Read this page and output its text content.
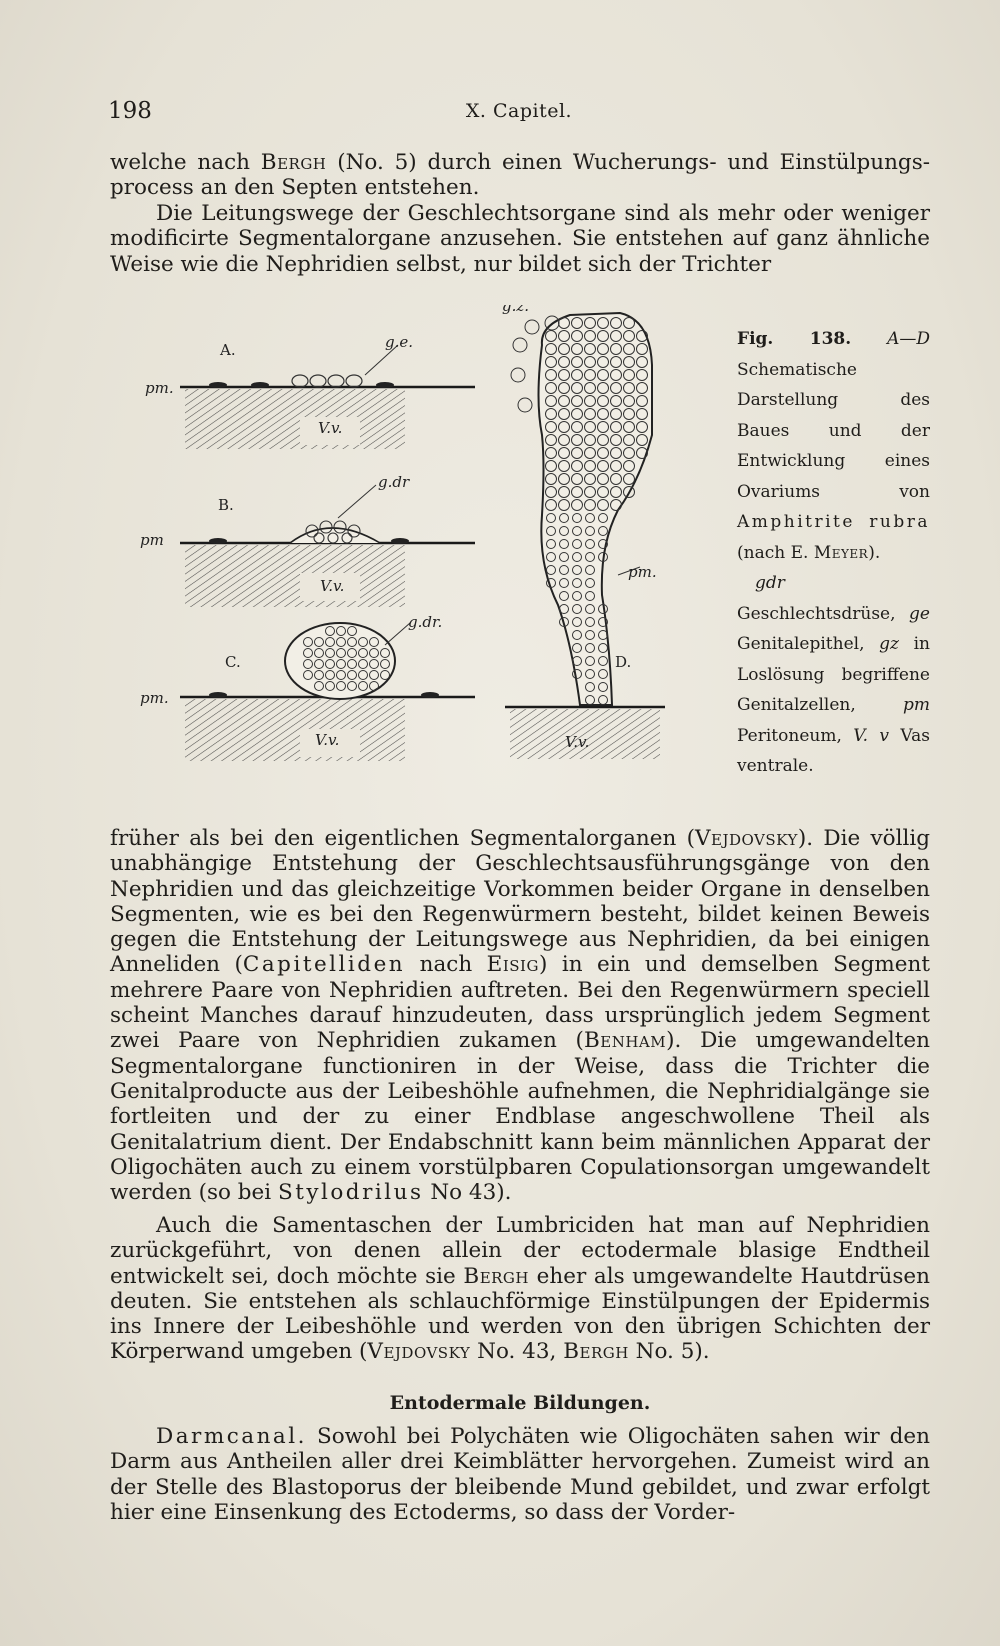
198	X. Capitel.

welche nach Bergh (No. 5) durch einen Wucherungs- und Einstülpungsprocess an den Septen entstehen.

Die Leitungswege der Geschlechtsorgane sind als mehr oder weniger modificirte Segmentalorgane anzusehen. Sie entstehen auf ganz ähnliche Weise wie die Nephridien selbst, nur bildet sich der Trichter

A.
pm.
g.e.
V.v.
B.
pm
g.dr
V.v.
C.
pm.
g.dr.
V.v.
g.z.
pm.
D.
V.v.

Fig. 138. A—D Schematische Darstellung des Baues und der Entwicklung eines Ovariums von Amphitrite rubra (nach E. Meyer).

gdr Geschlechtsdrüse, ge Genitalepithel, gz in Loslösung begriffene Genitalzellen, pm Peritoneum, V. v Vas ventrale.

früher als bei den eigentlichen Segmentalorganen (Vejdovsky). Die völlig unabhängige Entstehung der Geschlechtsausführungsgänge von den Nephridien und das gleichzeitige Vorkommen beider Organe in denselben Segmenten, wie es bei den Regenwürmern besteht, bildet keinen Beweis gegen die Entstehung der Leitungswege aus Nephridien, da bei einigen Anneliden (Capitelliden nach Eisig) in ein und demselben Segment mehrere Paare von Nephridien auftreten. Bei den Regenwürmern speciell scheint Manches darauf hinzudeuten, dass ursprünglich jedem Segment zwei Paare von Nephridien zukamen (Benham). Die umgewandelten Segmentalorgane functioniren in der Weise, dass die Trichter die Genitalproducte aus der Leibeshöhle aufnehmen, die Nephridialgänge sie fortleiten und der zu einer Endblase angeschwollene Theil als Genitalatrium dient. Der Endabschnitt kann beim männlichen Apparat der Oligochäten auch zu einem vorstülpbaren Copulationsorgan umgewandelt werden (so bei Stylodrilus No 43).

Auch die Samentaschen der Lumbriciden hat man auf Nephridien zurückgeführt, von denen allein der ectodermale blasige Endtheil entwickelt sei, doch möchte sie Bergh eher als umgewandelte Hautdrüsen deuten. Sie entstehen als schlauchförmige Einstülpungen der Epidermis ins Innere der Leibeshöhle und werden von den übrigen Schichten der Körperwand umgeben (Vejdovsky No. 43, Bergh No. 5).

Entodermale Bildungen.

Darmcanal. Sowohl bei Polychäten wie Oligochäten sahen wir den Darm aus Antheilen aller drei Keimblätter hervorgehen. Zumeist wird an der Stelle des Blastoporus der bleibende Mund gebildet, und zwar erfolgt hier eine Einsenkung des Ectoderms, so dass der Vorder-
